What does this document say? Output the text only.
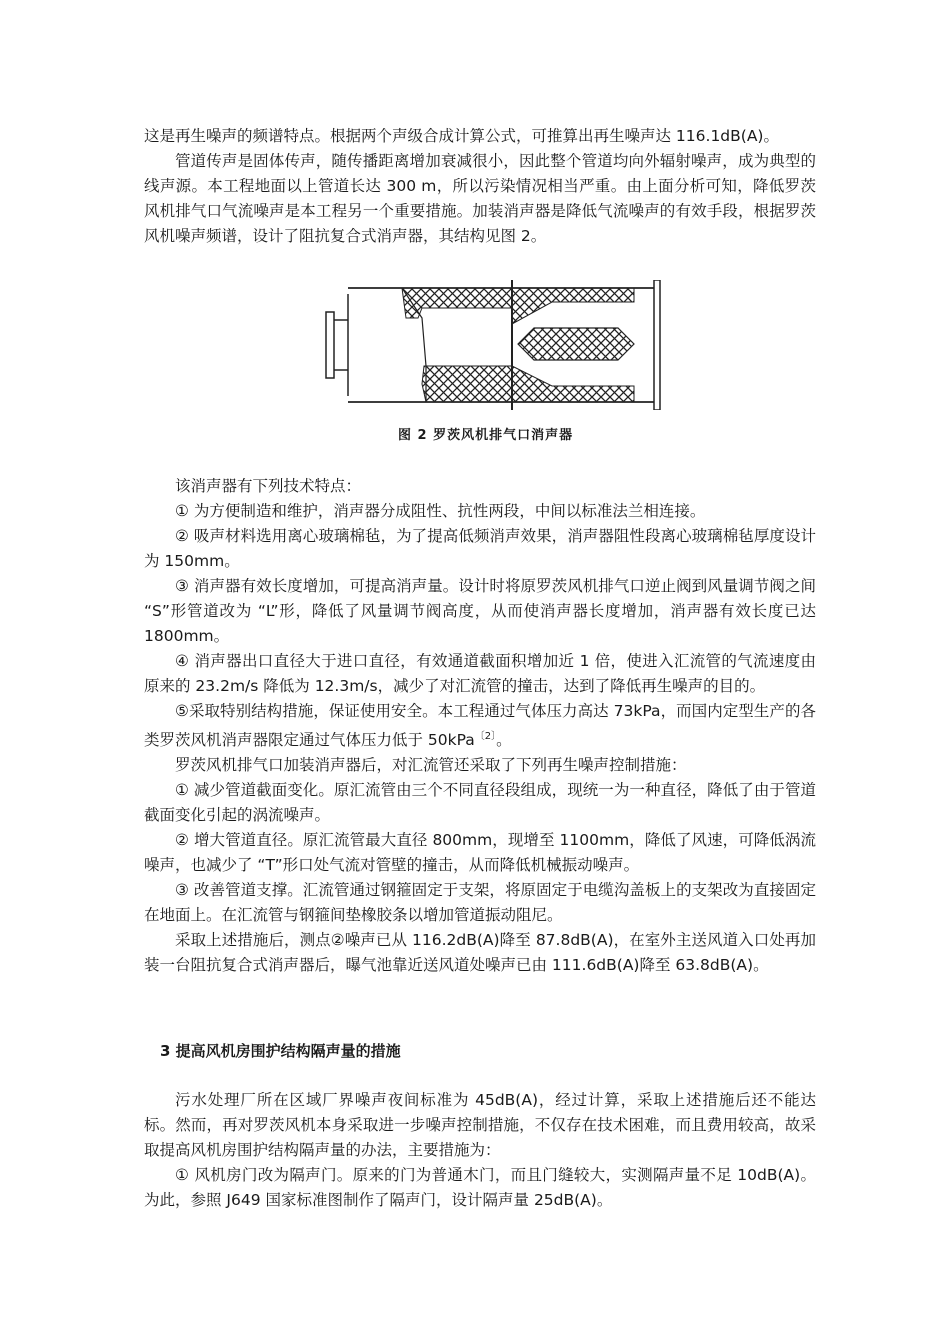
这是再生噪声的频谱特点。根据两个声级合成计算公式，可推算出再生噪声达 116.1dB(A)。

管道传声是固体传声，随传播距离增加衰减很小，因此整个管道均向外辐射噪声，成为典型的线声源。本工程地面以上管道长达 300 m，所以污染情况相当严重。由上面分析可知，降低罗茨风机排气口气流噪声是本工程另一个重要措施。加装消声器是降低气流噪声的有效手段，根据罗茨风机噪声频谱，设计了阻抗复合式消声器，其结构见图 2。

图 2 罗茨风机排气口消声器

该消声器有下列技术特点：

① 为方便制造和维护，消声器分成阻性、抗性两段，中间以标准法兰相连接。

② 吸声材料选用离心玻璃棉毡，为了提高低频消声效果，消声器阻性段离心玻璃棉毡厚度设计为 150mm。

③ 消声器有效长度增加，可提高消声量。设计时将原罗茨风机排气口逆止阀到风量调节阀之间 “S”形管道改为 “L”形，降低了风量调节阀高度，从而使消声器长度增加，消声器有效长度已达 1800mm。

④ 消声器出口直径大于进口直径，有效通道截面积增加近 1 倍，使进入汇流管的气流速度由原来的 23.2m/s 降低为 12.3m/s，减少了对汇流管的撞击，达到了降低再生噪声的目的。

⑤采取特别结构措施，保证使用安全。本工程通过气体压力高达 73kPa，而国内定型生产的各类罗茨风机消声器限定通过气体压力低于 50kPa$^{〔2〕}$。

罗茨风机排气口加装消声器后，对汇流管还采取了下列再生噪声控制措施：

① 减少管道截面变化。原汇流管由三个不同直径段组成，现统一为一种直径，降低了由于管道截面变化引起的涡流噪声。

② 增大管道直径。原汇流管最大直径 800mm，现增至 1100mm，降低了风速，可降低涡流噪声，也减少了 “T”形口处气流对管壁的撞击，从而降低机械振动噪声。

③ 改善管道支撑。汇流管通过钢箍固定于支架，将原固定于电缆沟盖板上的支架改为直接固定在地面上。在汇流管与钢箍间垫橡胶条以增加管道振动阻尼。

采取上述措施后，测点②噪声已从 116.2dB(A)降至 87.8dB(A)，在室外主送风道入口处再加装一台阻抗复合式消声器后，曝气池靠近送风道处噪声已由 111.6dB(A)降至 63.8dB(A)。

3 提高风机房围护结构隔声量的措施

污水处理厂所在区域厂界噪声夜间标准为 45dB(A)，经过计算，采取上述措施后还不能达标。然而，再对罗茨风机本身采取进一步噪声控制措施，不仅存在技术困难，而且费用较高，故采取提高风机房围护结构隔声量的办法，主要措施为：

① 风机房门改为隔声门。原来的门为普通木门，而且门缝较大，实测隔声量不足 10dB(A)。为此，参照 J649 国家标准图制作了隔声门，设计隔声量 25dB(A)。
